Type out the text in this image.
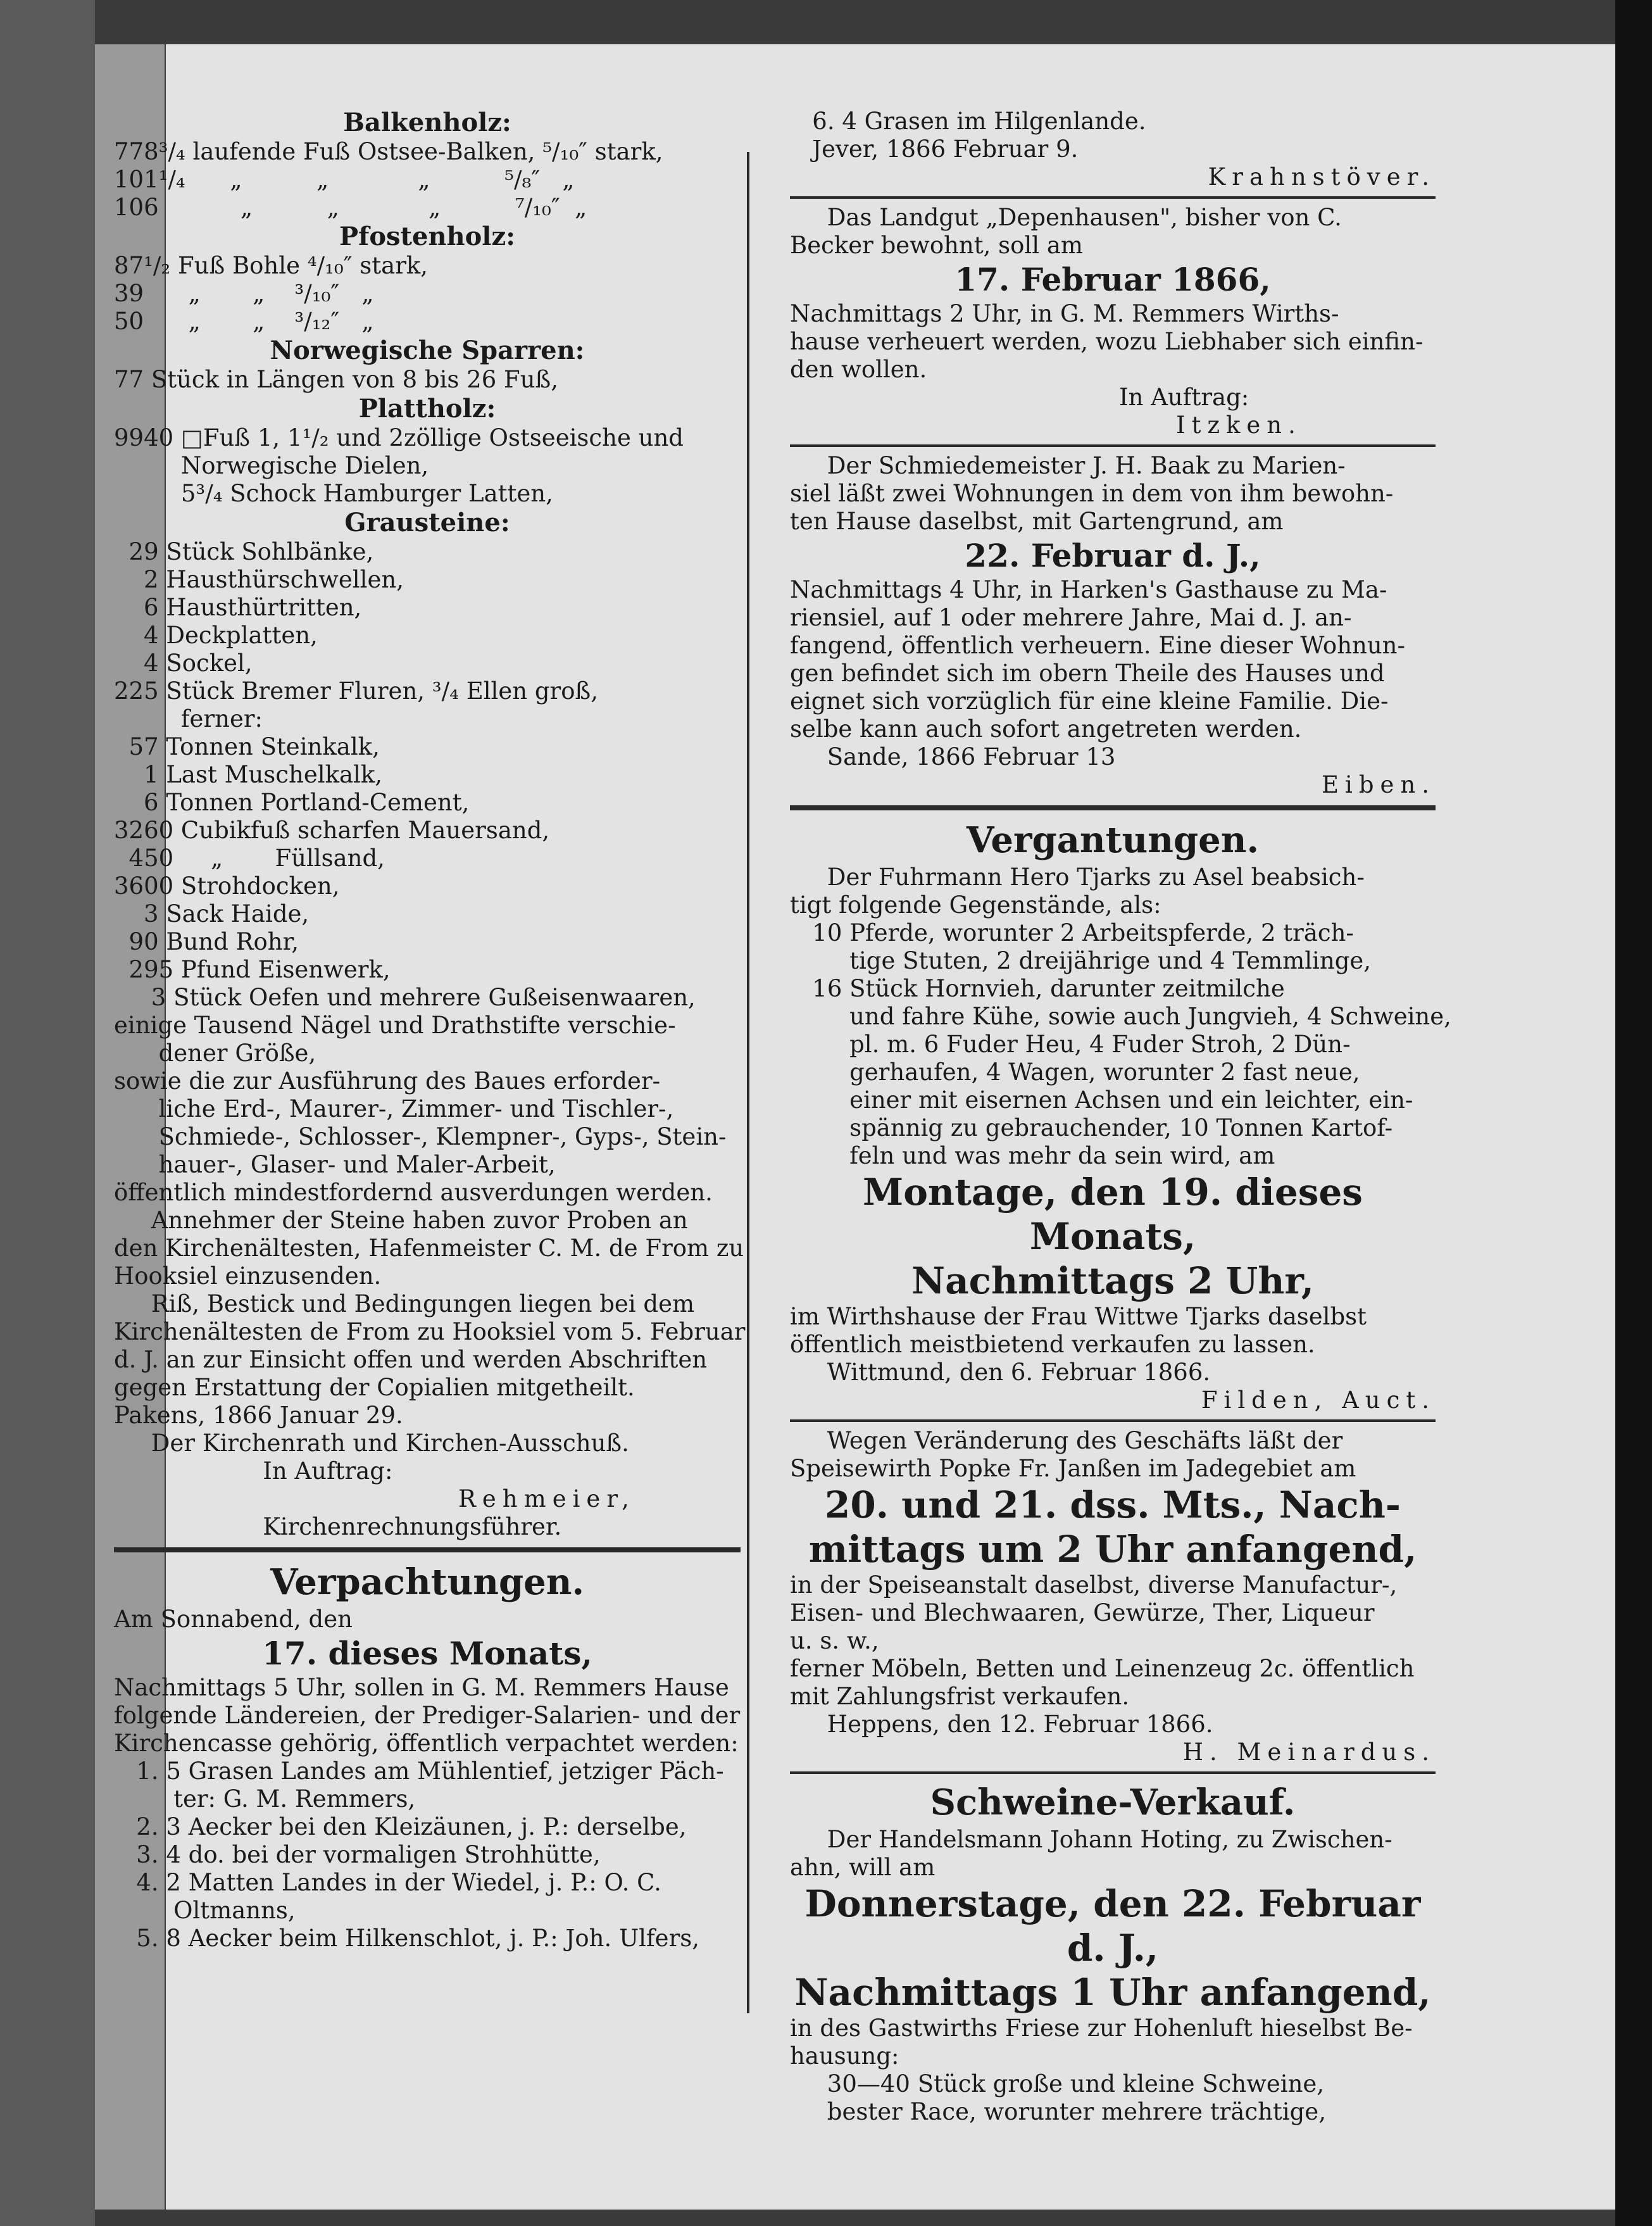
Balkenholz:
778³/₄ laufende Fuß Ostsee-Balken, ⁵/₁₀″ stark,
101¹/₄      „          „            „          ⁵/₈″   „
106           „          „            „          ⁷/₁₀″  „
Pfostenholz:
87¹/₂ Fuß Bohle ⁴/₁₀″ stark,
39      „       „    ³/₁₀″   „
50      „       „    ³/₁₂″   „
Norwegische Sparren:
77 Stück in Längen von 8 bis 26 Fuß,
Plattholz:
9940 □Fuß 1, 1¹/₂ und 2zöllige Ostseeische und
Norwegische Dielen,
5³/₄ Schock Hamburger Latten,
Grausteine:
29 Stück Sohlbänke,
2 Hausthürschwellen,
6 Hausthürtritten,
4 Deckplatten,
4 Sockel,
225 Stück Bremer Fluren, ³/₄ Ellen groß,
ferner:
57 Tonnen Steinkalk,
1 Last Muschelkalk,
6 Tonnen Portland-Cement,
3260 Cubikfuß scharfen Mauersand,
450     „       Füllsand,
3600 Strohdocken,
3 Sack Haide,
90 Bund Rohr,
295 Pfund Eisenwerk,
3 Stück Oefen und mehrere Gußeisenwaaren,
einige Tausend Nägel und Drathstifte verschie-
dener Größe,
sowie die zur Ausführung des Baues erforder-
liche Erd-, Maurer-, Zimmer- und Tischler-,
Schmiede-, Schlosser-, Klempner-, Gyps-, Stein-
hauer-, Glaser- und Maler-Arbeit,
öffentlich mindestfordernd ausverdungen werden.
Annehmer der Steine haben zuvor Proben an
den Kirchenältesten, Hafenmeister C. M. de From zu
Hooksiel einzusenden.
Riß, Bestick und Bedingungen liegen bei dem
Kirchenältesten de From zu Hooksiel vom 5. Februar
d. J. an zur Einsicht offen und werden Abschriften
gegen Erstattung der Copialien mitgetheilt.
Pakens, 1866 Januar 29.
Der Kirchenrath und Kirchen-Ausschuß.
In Auftrag:
Rehmeier,
Kirchenrechnungsführer.
Verpachtungen.
Am Sonnabend, den
17. dieses Monats,
Nachmittags 5 Uhr, sollen in G. M. Remmers Hause
folgende Ländereien, der Prediger-Salarien- und der
Kirchencasse gehörig, öffentlich verpachtet werden:
1. 5 Grasen Landes am Mühlentief, jetziger Päch-
ter: G. M. Remmers,
2. 3 Aecker bei den Kleizäunen, j. P.: derselbe,
3. 4 do. bei der vormaligen Strohhütte,
4. 2 Matten Landes in der Wiedel, j. P.: O. C.
Oltmanns,
5. 8 Aecker beim Hilkenschlot, j. P.: Joh. Ulfers,
6. 4 Grasen im Hilgenlande.
Jever, 1866 Februar 9.
Krahnstöver.
Das Landgut „Depenhausen", bisher von C.
Becker bewohnt, soll am
17. Februar 1866,
Nachmittags 2 Uhr, in G. M. Remmers Wirths-
hause verheuert werden, wozu Liebhaber sich einfin-
den wollen.
In Auftrag:
Itzken.
Der Schmiedemeister J. H. Baak zu Marien-
siel läßt zwei Wohnungen in dem von ihm bewohn-
ten Hause daselbst, mit Gartengrund, am
22. Februar d. J.,
Nachmittags 4 Uhr, in Harken's Gasthause zu Ma-
riensiel, auf 1 oder mehrere Jahre, Mai d. J. an-
fangend, öffentlich verheuern. Eine dieser Wohnun-
gen befindet sich im obern Theile des Hauses und
eignet sich vorzüglich für eine kleine Familie. Die-
selbe kann auch sofort angetreten werden.
Sande, 1866 Februar 13
Eiben.
Vergantungen.
Der Fuhrmann Hero Tjarks zu Asel beabsich-
tigt folgende Gegenstände, als:
10 Pferde, worunter 2 Arbeitspferde, 2 träch-
tige Stuten, 2 dreijährige und 4 Temmlinge,
16 Stück Hornvieh, darunter zeitmilche
und fahre Kühe, sowie auch Jungvieh, 4 Schweine,
pl. m. 6 Fuder Heu, 4 Fuder Stroh, 2 Dün-
gerhaufen, 4 Wagen, worunter 2 fast neue,
einer mit eisernen Achsen und ein leichter, ein-
spännig zu gebrauchender, 10 Tonnen Kartof-
feln und was mehr da sein wird, am
Montage, den 19. dieses Monats,
Nachmittags 2 Uhr,
im Wirthshause der Frau Wittwe Tjarks daselbst
öffentlich meistbietend verkaufen zu lassen.
Wittmund, den 6. Februar 1866.
Filden, Auct.
Wegen Veränderung des Geschäfts läßt der
Speisewirth Popke Fr. Janßen im Jadegebiet am
20. und 21. dss. Mts., Nach-
mittags um 2 Uhr anfangend,
in der Speiseanstalt daselbst, diverse Manufactur-,
Eisen- und Blechwaaren, Gewürze, Ther, Liqueur
u. s. w.,
ferner Möbeln, Betten und Leinenzeug 2c. öffentlich
mit Zahlungsfrist verkaufen.
Heppens, den 12. Februar 1866.
H. Meinardus.
Schweine-Verkauf.
Der Handelsmann Johann Hoting, zu Zwischen-
ahn, will am
Donnerstage, den 22. Februar d. J.,
Nachmittags 1 Uhr anfangend,
in des Gastwirths Friese zur Hohenluft hieselbst Be-
hausung:
30—40 Stück große und kleine Schweine,
bester Race, worunter mehrere trächtige,
